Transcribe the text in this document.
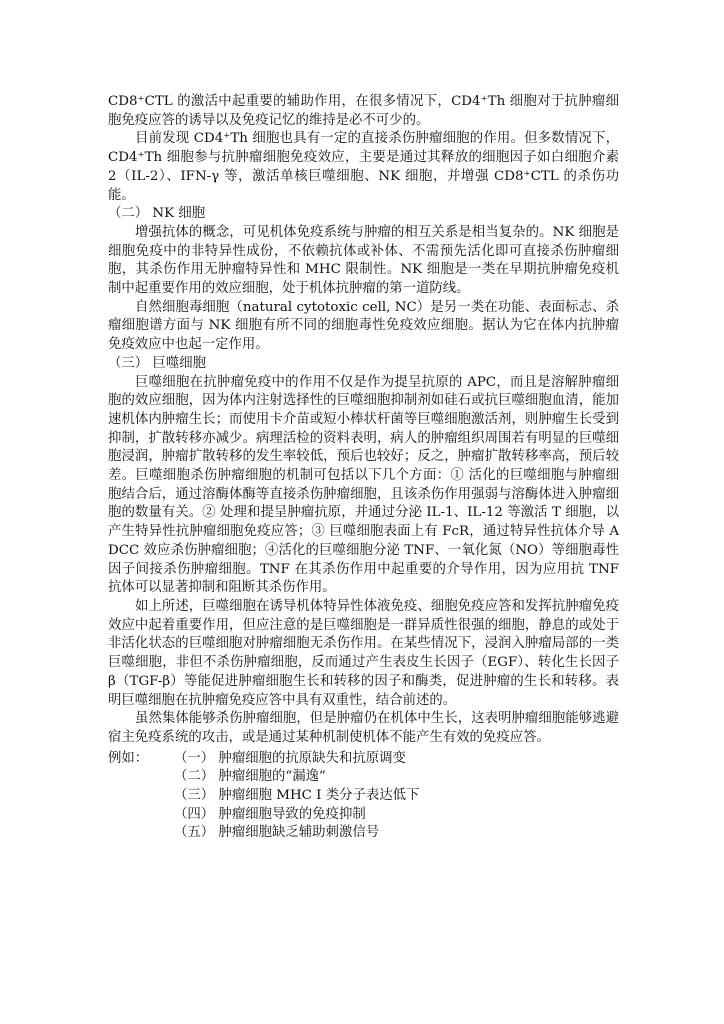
CD8⁺CTL 的激活中起重要的辅助作用，在很多情况下，CD4⁺Th 细胞对于抗肿瘤细胞免疫应答的诱导以及免疫记忆的维持是必不可少的。

目前发现 CD4⁺Th 细胞也具有一定的直接杀伤肿瘤细胞的作用。但多数情况下，CD4⁺Th 细胞参与抗肿瘤细胞免疫效应，主要是通过其释放的细胞因子如白细胞介素 2（IL-2）、IFN-γ 等，激活单核巨噬细胞、NK 细胞，并增强 CD8⁺CTL 的杀伤功能。

（二） NK 细胞

增强抗体的概念，可见机体免疫系统与肿瘤的相互关系是相当复杂的。NK 细胞是细胞免疫中的非特异性成份，不依赖抗体或补体、不需预先活化即可直接杀伤肿瘤细胞，其杀伤作用无肿瘤特异性和 MHC 限制性。NK 细胞是一类在早期抗肿瘤免疫机制中起重要作用的效应细胞，处于机体抗肿瘤的第一道防线。

自然细胞毒细胞（natural cytotoxic cell, NC）是另一类在功能、表面标志、杀瘤细胞谱方面与 NK 细胞有所不同的细胞毒性免疫效应细胞。据认为它在体内抗肿瘤免疫效应中也起一定作用。

（三） 巨噬细胞

巨噬细胞在抗肿瘤免疫中的作用不仅是作为提呈抗原的 APC，而且是溶解肿瘤细胞的效应细胞，因为体内注射选择性的巨噬细胞抑制剂如硅石或抗巨噬细胞血清，能加速机体内肿瘤生长；而使用卡介苗或短小棒状杆菌等巨噬细胞激活剂，则肿瘤生长受到抑制，扩散转移亦减少。病理活检的资料表明，病人的肿瘤组织周围若有明显的巨噬细胞浸润，肿瘤扩散转移的发生率较低，预后也较好；反之，肿瘤扩散转移率高，预后较差。巨噬细胞杀伤肿瘤细胞的机制可包括以下几个方面：① 活化的巨噬细胞与肿瘤细胞结合后，通过溶酶体酶等直接杀伤肿瘤细胞，且该杀伤作用强弱与溶酶体进入肿瘤细胞的数量有关。② 处理和提呈肿瘤抗原，并通过分泌 IL-1、IL-12 等激活 T 细胞，以产生特异性抗肿瘤细胞免疫应答；③ 巨噬细胞表面上有 FcR，通过特异性抗体介导 ADCC 效应杀伤肿瘤细胞；④活化的巨噬细胞分泌 TNF、一氧化氮（NO）等细胞毒性因子间接杀伤肿瘤细胞。TNF 在其杀伤作用中起重要的介导作用，因为应用抗 TNF 抗体可以显著抑制和阻断其杀伤作用。

如上所述，巨噬细胞在诱导机体特异性体液免疫、细胞免疫应答和发挥抗肿瘤免疫效应中起着重要作用，但应注意的是巨噬细胞是一群异质性很强的细胞，静息的或处于非活化状态的巨噬细胞对肿瘤细胞无杀伤作用。在某些情况下，浸润入肿瘤局部的一类巨噬细胞，非但不杀伤肿瘤细胞，反而通过产生表皮生长因子（EGF）、转化生长因子 β（TGF-β）等能促进肿瘤细胞生长和转移的因子和酶类，促进肿瘤的生长和转移。表明巨噬细胞在抗肿瘤免疫应答中具有双重性，结合前述的。

虽然集体能够杀伤肿瘤细胞，但是肿瘤仍在机体中生长，这表明肿瘤细胞能够逃避宿主免疫系统的攻击，或是通过某种机制使机体不能产生有效的免疫应答。

例如：	（一） 肿瘤细胞的抗原缺失和抗原调变
（二） 肿瘤细胞的“漏逸”
（三） 肿瘤细胞 MHC I 类分子表达低下
（四） 肿瘤细胞导致的免疫抑制
（五） 肿瘤细胞缺乏辅助刺激信号
